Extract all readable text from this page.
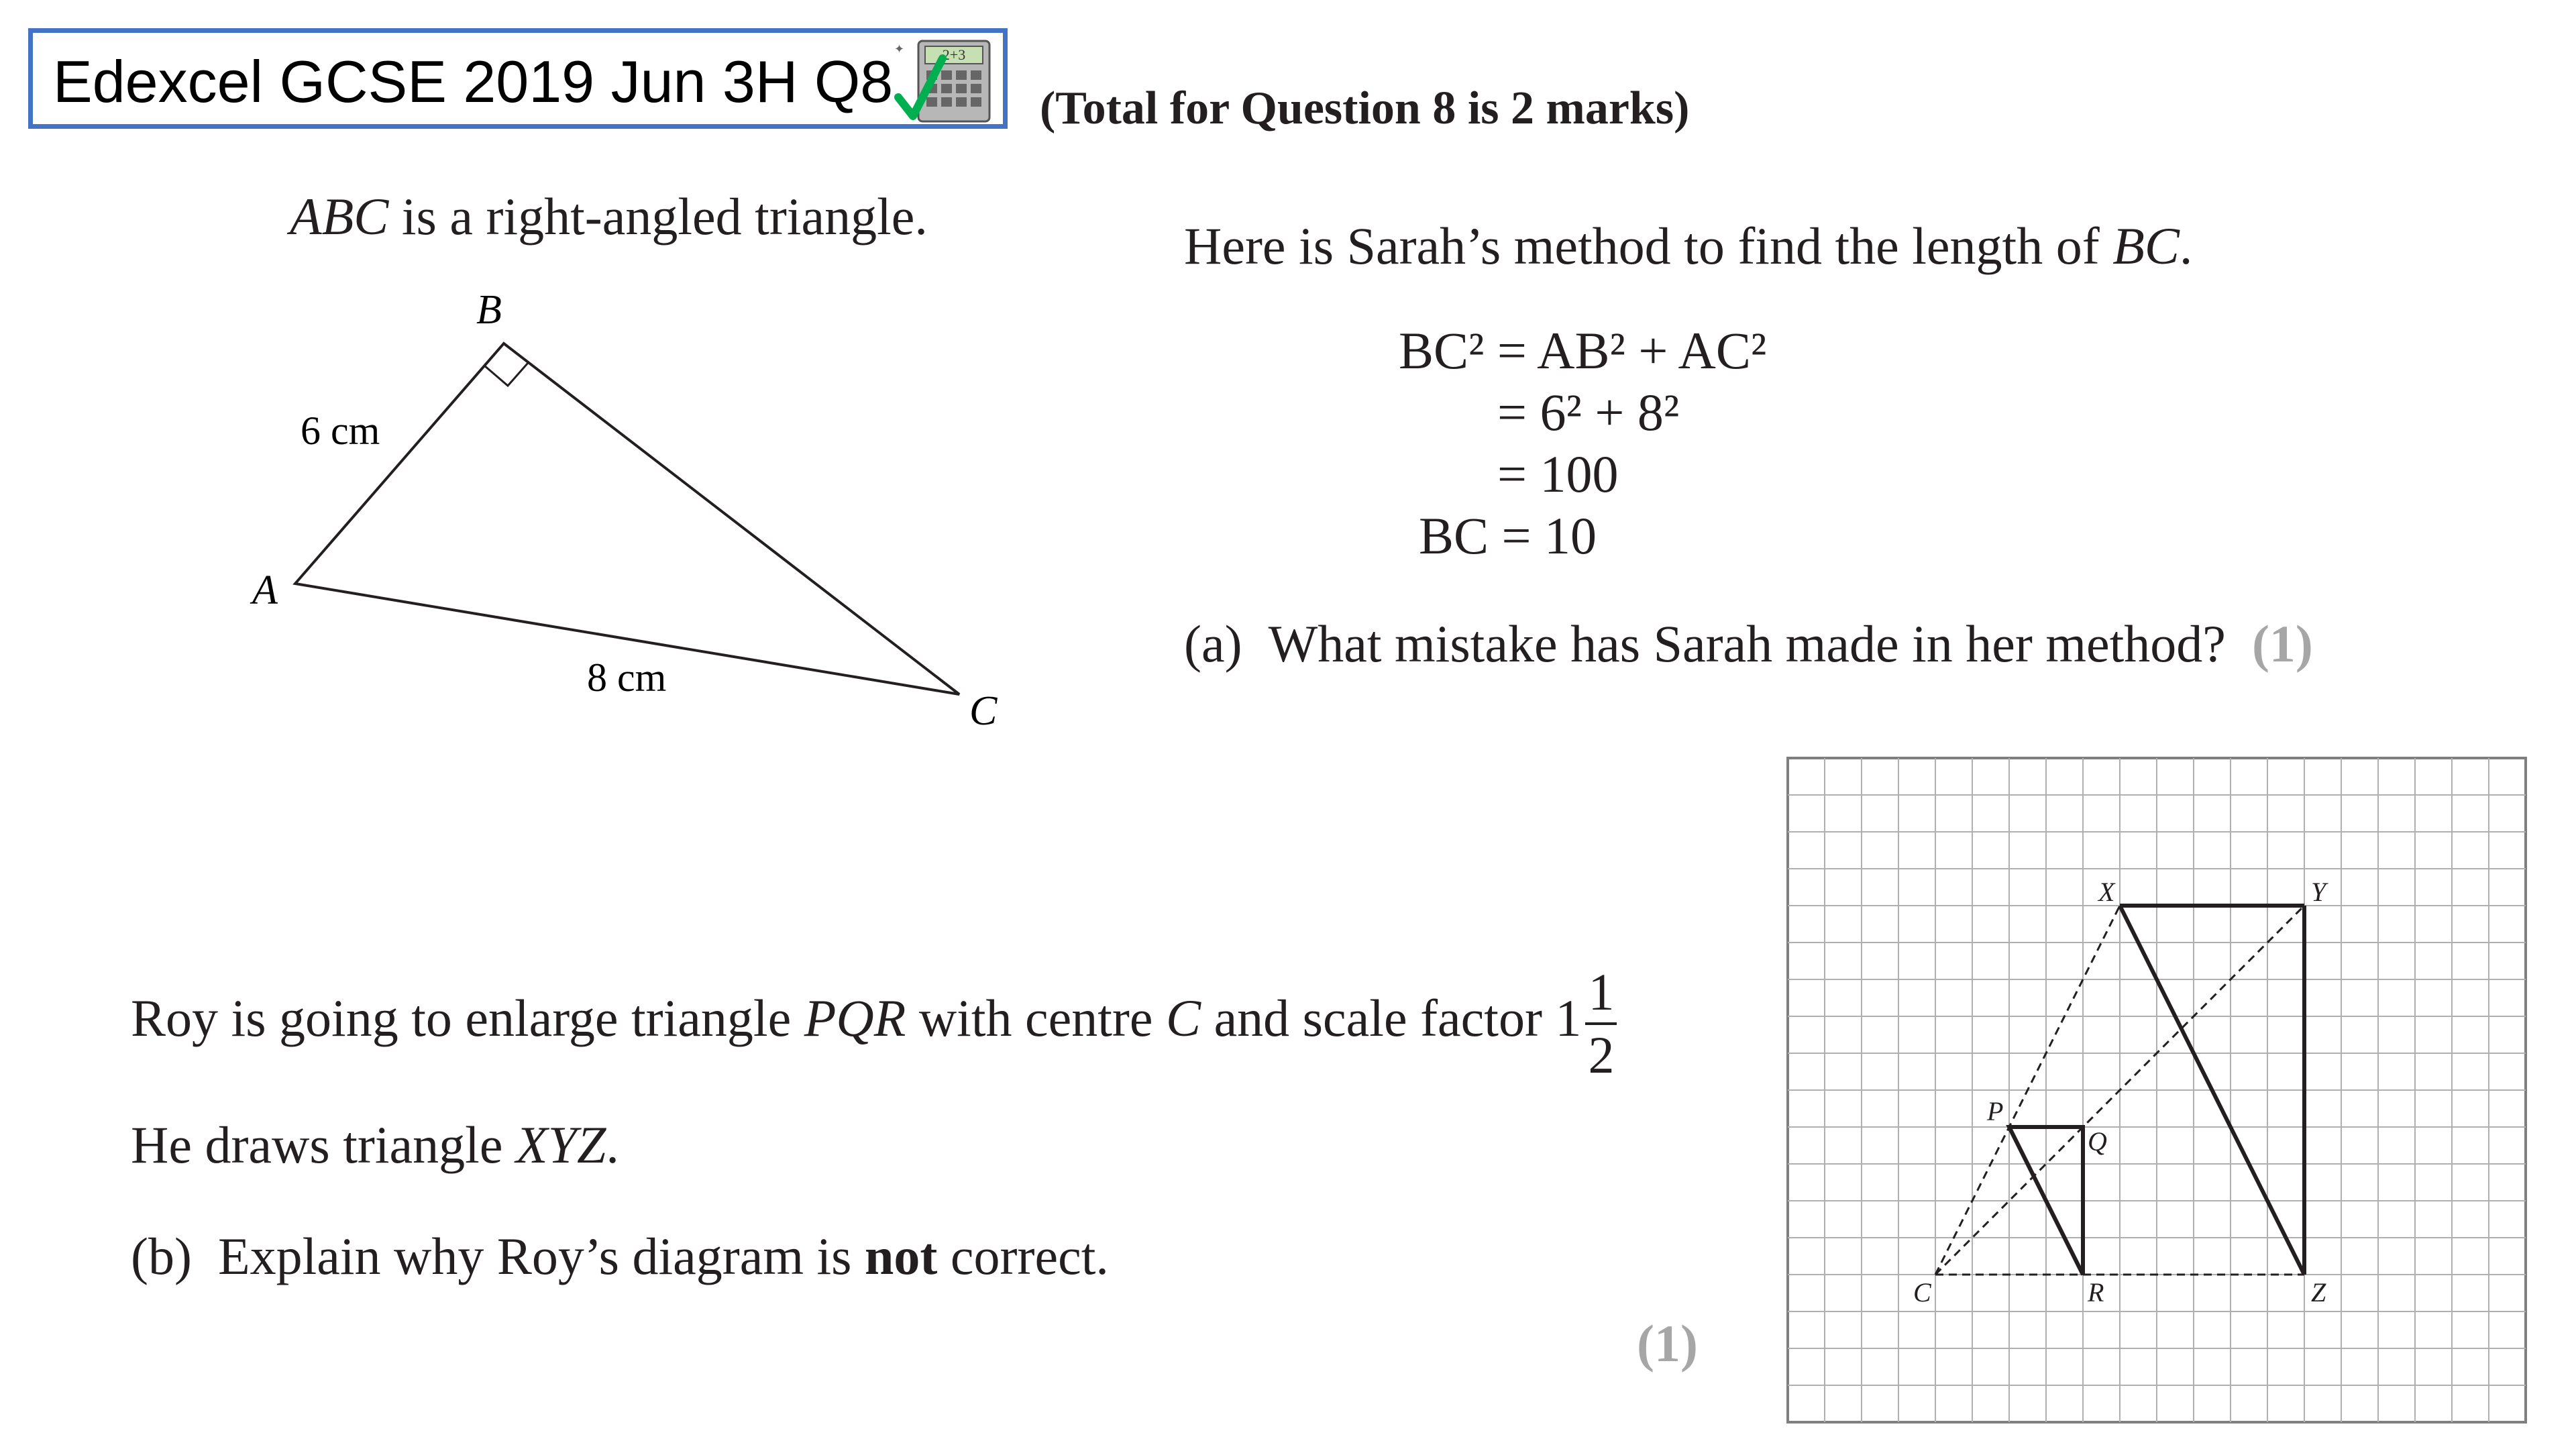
Edexcel GCSE 2019 Jun 3H Q8	2+3
✦
(Total for Question 8 is 2 marks)
ABC is a right-angled triangle.
B
A
C
6 cm
8 cm
Here is Sarah’s method to find the length of BC.
BC² = AB² + AC²
= 6² + 8²
= 100
BC = 10
(a) What mistake has Sarah made in her method? (1)
Roy is going to enlarge triangle PQR with centre C and scale factor $1 \frac{1}{2}$
He draws triangle XYZ.
(b) Explain why Roy’s diagram is not correct.
(1)
C
P
Q
R
X	Y
Z
